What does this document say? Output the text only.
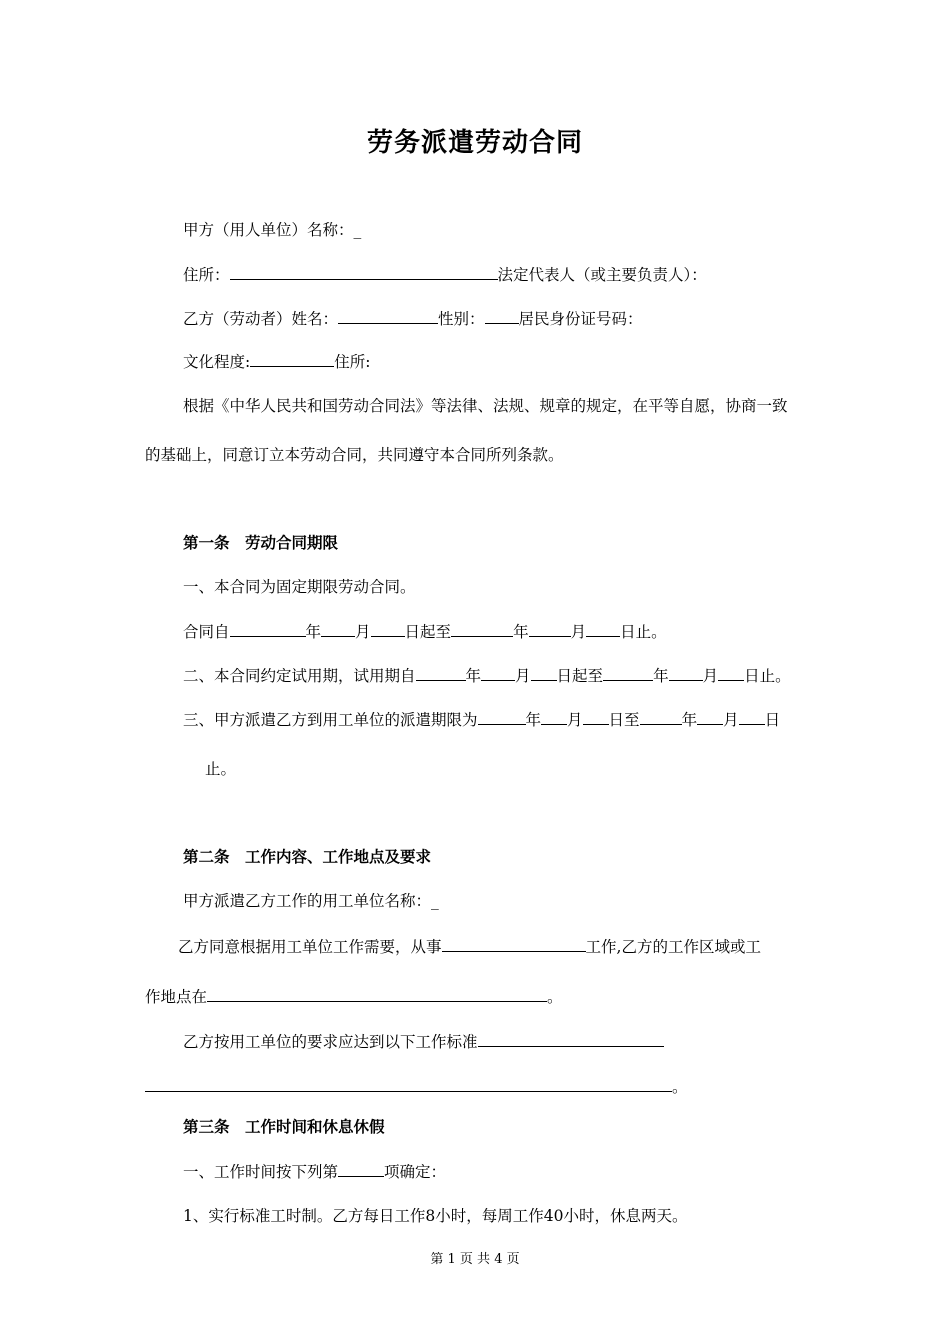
劳务派遣劳动合同
甲方（用人单位）名称：_
住所：	法定代表人（或主要负责人）：
乙方（劳动者）姓名：	性别： 居民身份证号码：
文化程度:	住所:
根据《中华人民共和国劳动合同法》等法律、法规、规章的规定，在平等自愿，协商一致
的基础上，同意订立本劳动合同，共同遵守本合同所列条款。
第一条　劳动合同期限
一、本合同为固定期限劳动合同。
合同自	年 月 日起至	年	月 日止。
二、本合同约定试用期，试用期自	年 月 日起至	年 月 日止。
三、甲方派遣乙方到用工单位的派遣期限为	年 月 日至	年 月 日
止。
第二条　工作内容、工作地点及要求
甲方派遣乙方工作的用工单位名称：_
乙方同意根据用工单位工作需要，从事	工作,乙方的工作区域或工
作地点在	。
乙方按用工单位的要求应达到以下工作标准
。
第三条　工作时间和休息休假
一、工作时间按下列第	项确定：
1、实行标准工时制。乙方每日工作8小时，每周工作40小时，休息两天。
第 1 页 共 4 页
